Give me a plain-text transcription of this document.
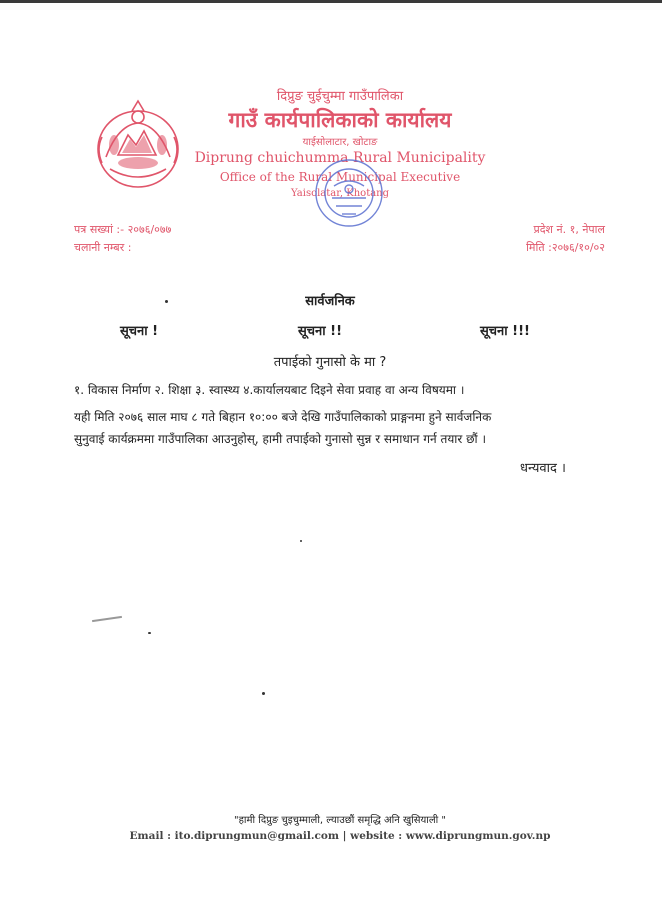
दिप्रुङ चुईचुम्मा गाउँपालिका
गाउँ कार्यपालिकाको कार्यालय
याईसोलाटार, खोटाङ
Diprung chuichumma Rural Municipality
Office of the Rural Municipal Executive
Yaisolatar, Khotang
पत्र सख्यां :- २०७६/०७७
चलानी नम्बर :
प्रदेश नं. १, नेपाल
मिति :२०७६/१०/०२
सार्वजनिक
सूचना !	सूचना !!	सूचना !!!
तपाईको गुनासो के मा ?
१. विकास निर्माण २. शिक्षा ३. स्वास्थ्य ४.कार्यालयबाट दिइने सेवा प्रवाह वा अन्य विषयमा ।
यही मिति २०७६ साल माघ ८ गते बिहान १०:०० बजे देखि गाउँपालिकाको प्राङ्गनमा हुने सार्वजनिक
सुनुवाई कार्यक्रममा गाउँपालिका आउनुहोस्, हामी तपाईको गुनासो सुन्न र समाधान गर्न तयार छौं ।
धन्यवाद ।
"हामी दिप्रुङ चुइचुम्माली, ल्याउछौं समृद्धि अनि खुसियाली "
Email : ito.diprungmun@gmail.com | website : www.diprungmun.gov.np
